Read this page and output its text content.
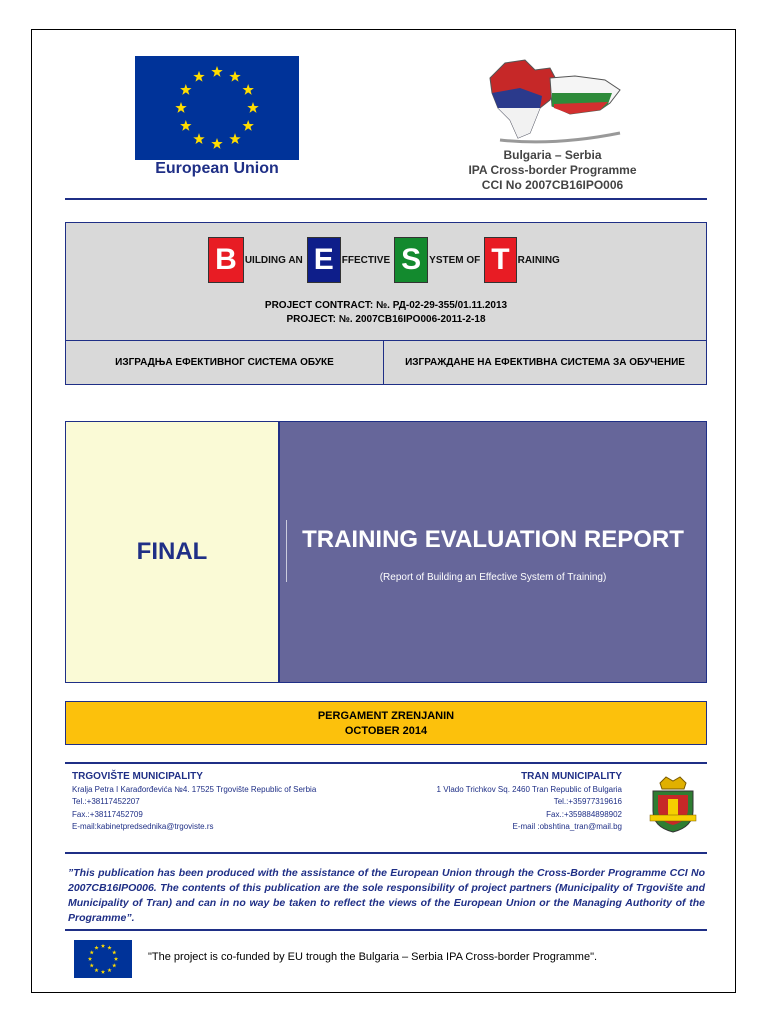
European Union
Bulgaria – Serbia
IPA Cross-border Programme
CCI No 2007CB16IPO006
B UILDING AN E FFECTIVE S YSTEM OF T RAINING
PROJECT CONTRACT: №. РД-02-29-355/01.11.2013
PROJECT: №. 2007CB16IPO006-2011-2-18
ИЗГРАДЊА ЕФЕКТИВНОГ СИСТЕМА ОБУКЕ	ИЗГРАЖДАНЕ НА ЕФЕКТИВНА СИСТЕМА ЗА ОБУЧЕНИЕ
FINAL	TRAINING EVALUATION REPORT
(Report of Building an Effective System of Training)
PERGAMENT ZRENJANIN
OCTOBER 2014
TRGOVIŠTE MUNICIPALITY
Kralja Petra I Karađorđevića №4. 17525 Trgovište Republic of Serbia
Tel.:+38117452207
Fax.:+38117452709
E-mail:kabinetpredsednika@trgoviste.rs
TRAN MUNICIPALITY
1 Vlado Trichkov Sq. 2460 Tran Republic of Bulgaria
Tel.:+35977319616
Fax.:+359884898902
E-mail :obshtina_tran@mail.bg
”This publication has been produced with the assistance of the European Union through the Cross-Border Programme CCI No 2007CB16IPO006. The contents of this publication are the sole responsibility of project partners (Municipality of Trgovište and Municipality of Tran) and can in no way be taken to reflect the views of the European Union or the Managing Authority of the Programme”.
"The project is co-funded by EU trough the Bulgaria – Serbia IPA Cross-border Programme".
